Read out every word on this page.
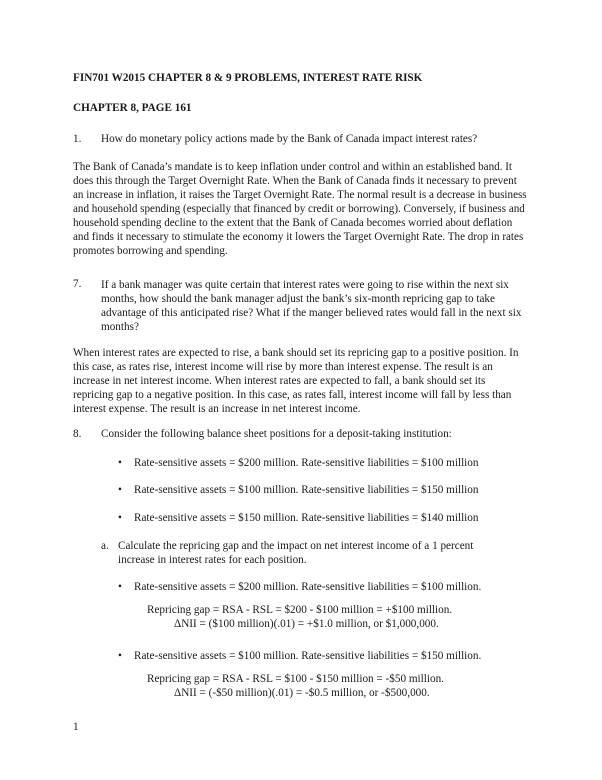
FIN701 W2015 CHAPTER 8 & 9 PROBLEMS, INTEREST RATE RISK
CHAPTER 8, PAGE 161
1. How do monetary policy actions made by the Bank of Canada impact interest rates?
The Bank of Canada’s mandate is to keep inflation under control and within an established band. It does this through the Target Overnight Rate. When the Bank of Canada finds it necessary to prevent an increase in inflation, it raises the Target Overnight Rate. The normal result is a decrease in business and household spending (especially that financed by credit or borrowing). Conversely, if business and household spending decline to the extent that the Bank of Canada becomes worried about deflation and finds it necessary to stimulate the economy it lowers the Target Overnight Rate. The drop in rates promotes borrowing and spending.
7. If a bank manager was quite certain that interest rates were going to rise within the next six months, how should the bank manager adjust the bank’s six-month repricing gap to take advantage of this anticipated rise? What if the manger believed rates would fall in the next six months?
When interest rates are expected to rise, a bank should set its repricing gap to a positive position. In this case, as rates rise, interest income will rise by more than interest expense. The result is an increase in net interest income. When interest rates are expected to fall, a bank should set its repricing gap to a negative position. In this case, as rates fall, interest income will fall by less than interest expense. The result is an increase in net interest income.
8. Consider the following balance sheet positions for a deposit-taking institution:
• Rate-sensitive assets = $200 million. Rate-sensitive liabilities = $100 million
• Rate-sensitive assets = $100 million. Rate-sensitive liabilities = $150 million
• Rate-sensitive assets = $150 million. Rate-sensitive liabilities = $140 million
a. Calculate the repricing gap and the impact on net interest income of a 1 percent increase in interest rates for each position.
• Rate-sensitive assets = $200 million. Rate-sensitive liabilities = $100 million.
Repricing gap = RSA - RSL = $200 - $100 million = +$100 million.
ΔNII = ($100 million)(.01) = +$1.0 million, or $1,000,000.
• Rate-sensitive assets = $100 million. Rate-sensitive liabilities = $150 million.
Repricing gap = RSA - RSL = $100 - $150 million = -$50 million.
ΔNII = (-$50 million)(.01) = -$0.5 million, or -$500,000.
1
